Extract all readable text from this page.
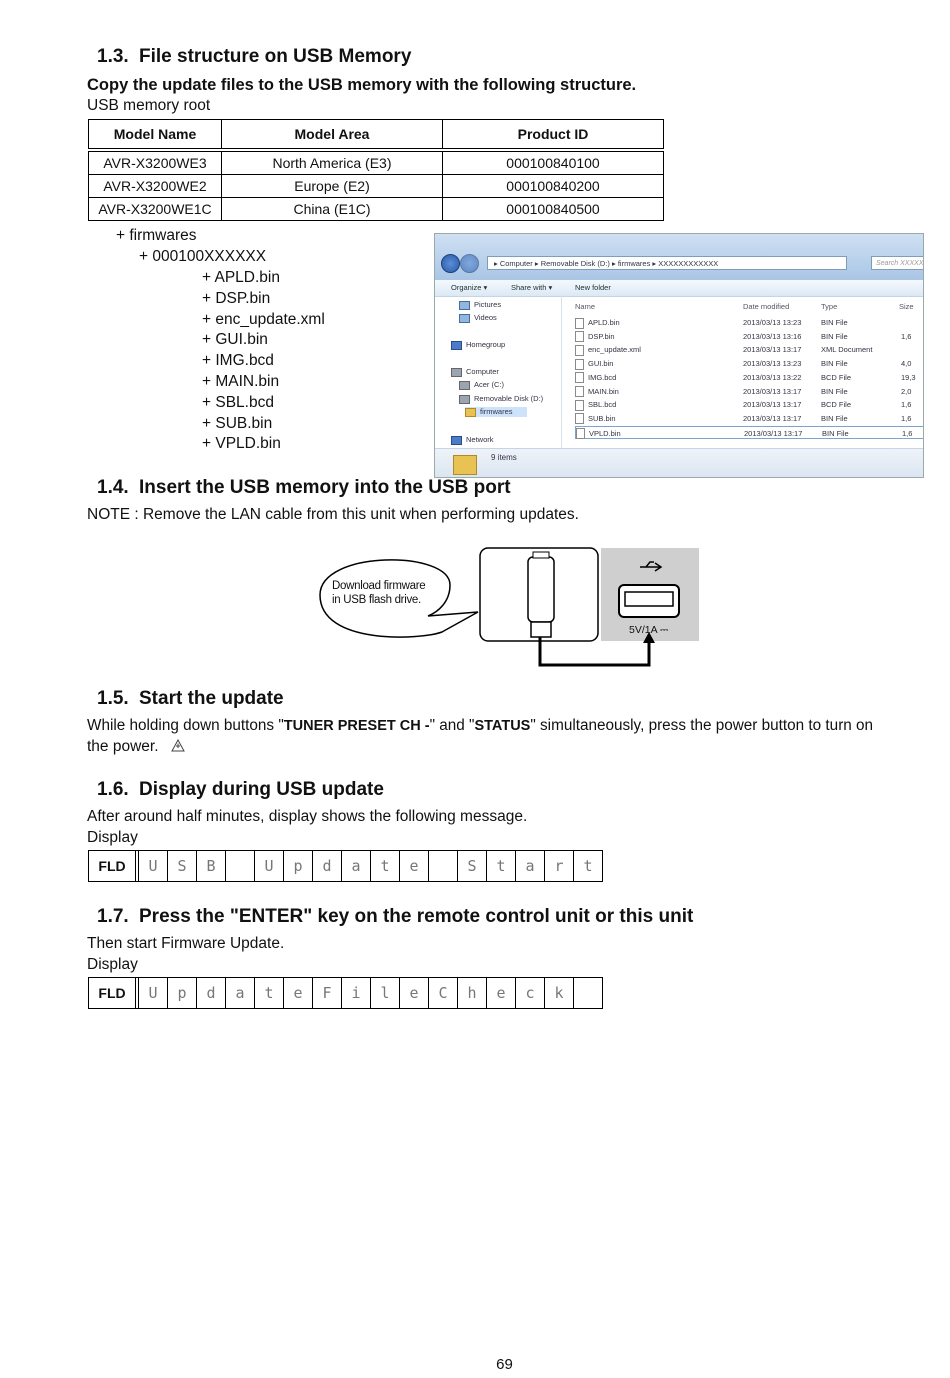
1.3. File structure on USB Memory
Copy the update files to the USB memory with the following structure.
USB memory root
Model Name	Model Area	Product ID
AVR-X3200WE3	North America (E3)	000100840100
AVR-X3200WE2	Europe (E2)	000100840200
AVR-X3200WE1C	China (E1C)	000100840500
+ firmwares
+ 000100XXXXXX
+ APLD.bin
+ DSP.bin
+ enc_update.xml
+ GUI.bin
+ IMG.bcd
+ MAIN.bin
+ SBL.bcd
+ SUB.bin
+ VPLD.bin
▸ Computer ▸ Removable Disk (D:) ▸ firmwares ▸ XXXXXXXXXXXX	Search XXXXX
Organize ▾	Share with ▾	New folder
Pictures
Videos
Homegroup
Computer
Acer (C:)
Removable Disk (D:)
firmwares
Network
Name	Date modified	Type	Size
APLD.bin	2013/03/13 13:23	BIN File
DSP.bin	2013/03/13 13:16	BIN File	1,6
enc_update.xml	2013/03/13 13:17	XML Document
GUI.bin	2013/03/13 13:23	BIN File	4,0
IMG.bcd	2013/03/13 13:22	BCD File	19,3
MAIN.bin	2013/03/13 13:17	BIN File	2,0
SBL.bcd	2013/03/13 13:17	BCD File	1,6
SUB.bin	2013/03/13 13:17	BIN File	1,6
VPLD.bin	2013/03/13 13:17	BIN File	1,6
9 items
1.4. Insert the USB memory into the USB port
NOTE : Remove the LAN cable from this unit when performing updates.
Download firmware
in USB flash drive.
5V/1A ⎓
1.5. Start the update
While holding down buttons "TUNER PRESET CH -" and "STATUS" simultaneously, press the power button to turn on
the power.
1.6. Display during USB update
After around half minutes, display shows the following message.
Display
FLD	U	S	B	U	p	d	a	t	e	S	t	a	r	t
1.7. Press the "ENTER" key on the remote control unit or this unit
Then start Firmware Update.
Display
FLD	U	p	d	a	t	e	F	i	l	e	C	h	e	c	k
69
